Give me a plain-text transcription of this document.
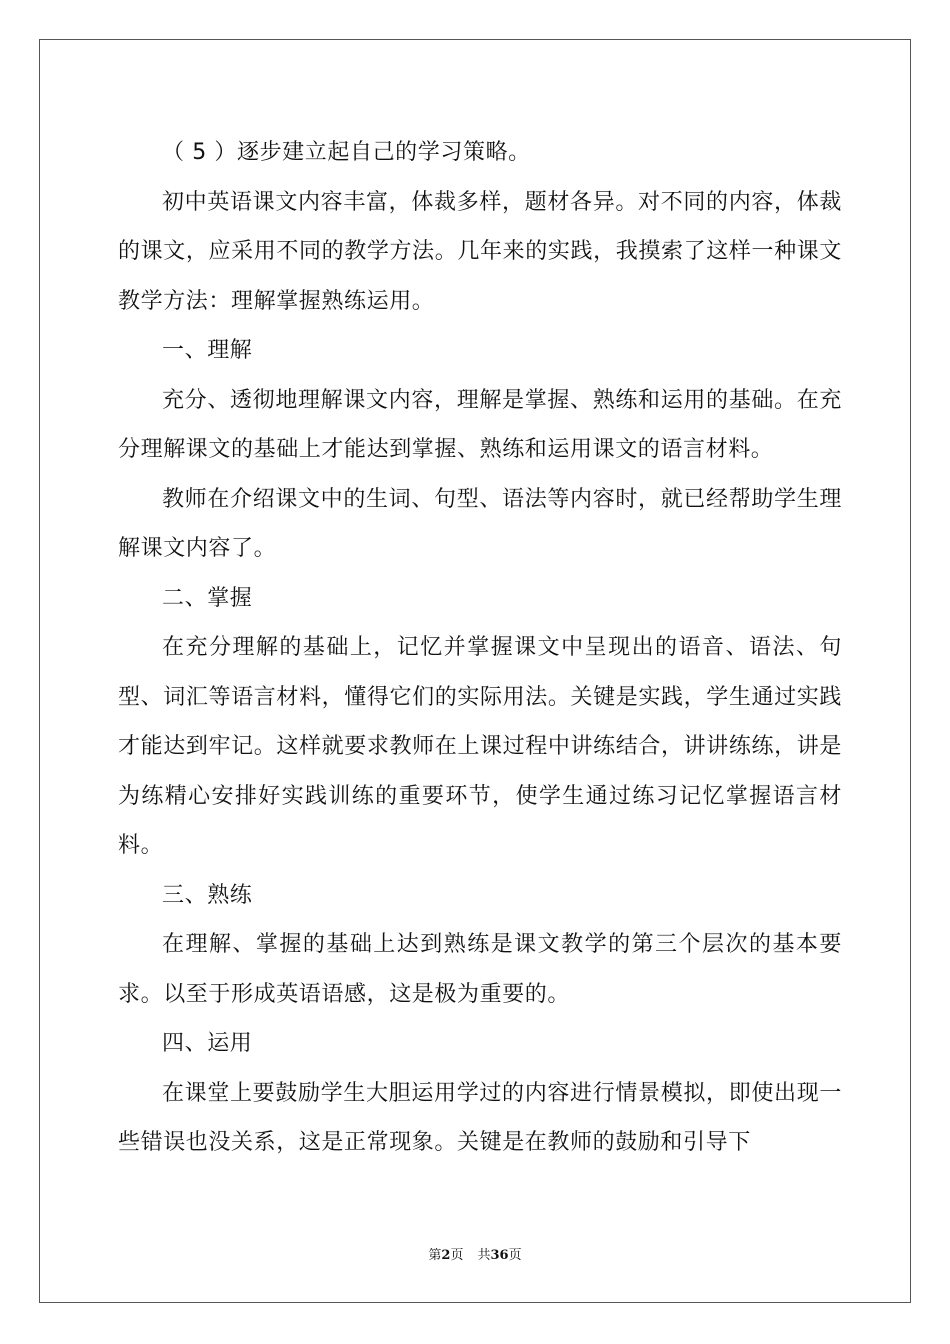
（ 5 ）逐步建立起自己的学习策略。

初中英语课文内容丰富，体裁多样，题材各异。对不同的内容，体裁的课文，应采用不同的教学方法。几年来的实践，我摸索了这样一种课文教学方法：理解掌握熟练运用。

一、理解

充分、透彻地理解课文内容，理解是掌握、熟练和运用的基础。在充分理解课文的基础上才能达到掌握、熟练和运用课文的语言材料。

教师在介绍课文中的生词、句型、语法等内容时，就已经帮助学生理解课文内容了。

二、掌握

在充分理解的基础上，记忆并掌握课文中呈现出的语音、语法、句型、词汇等语言材料，懂得它们的实际用法。关键是实践，学生通过实践才能达到牢记。这样就要求教师在上课过程中讲练结合，讲讲练练，讲是为练精心安排好实践训练的重要环节，使学生通过练习记忆掌握语言材料。

三、熟练

在理解、掌握的基础上达到熟练是课文教学的第三个层次的基本要求。以至于形成英语语感，这是极为重要的。

四、运用

在课堂上要鼓励学生大胆运用学过的内容进行情景模拟，即使出现一些错误也没关系，这是正常现象。关键是在教师的鼓励和引导下

第2页 共36页
